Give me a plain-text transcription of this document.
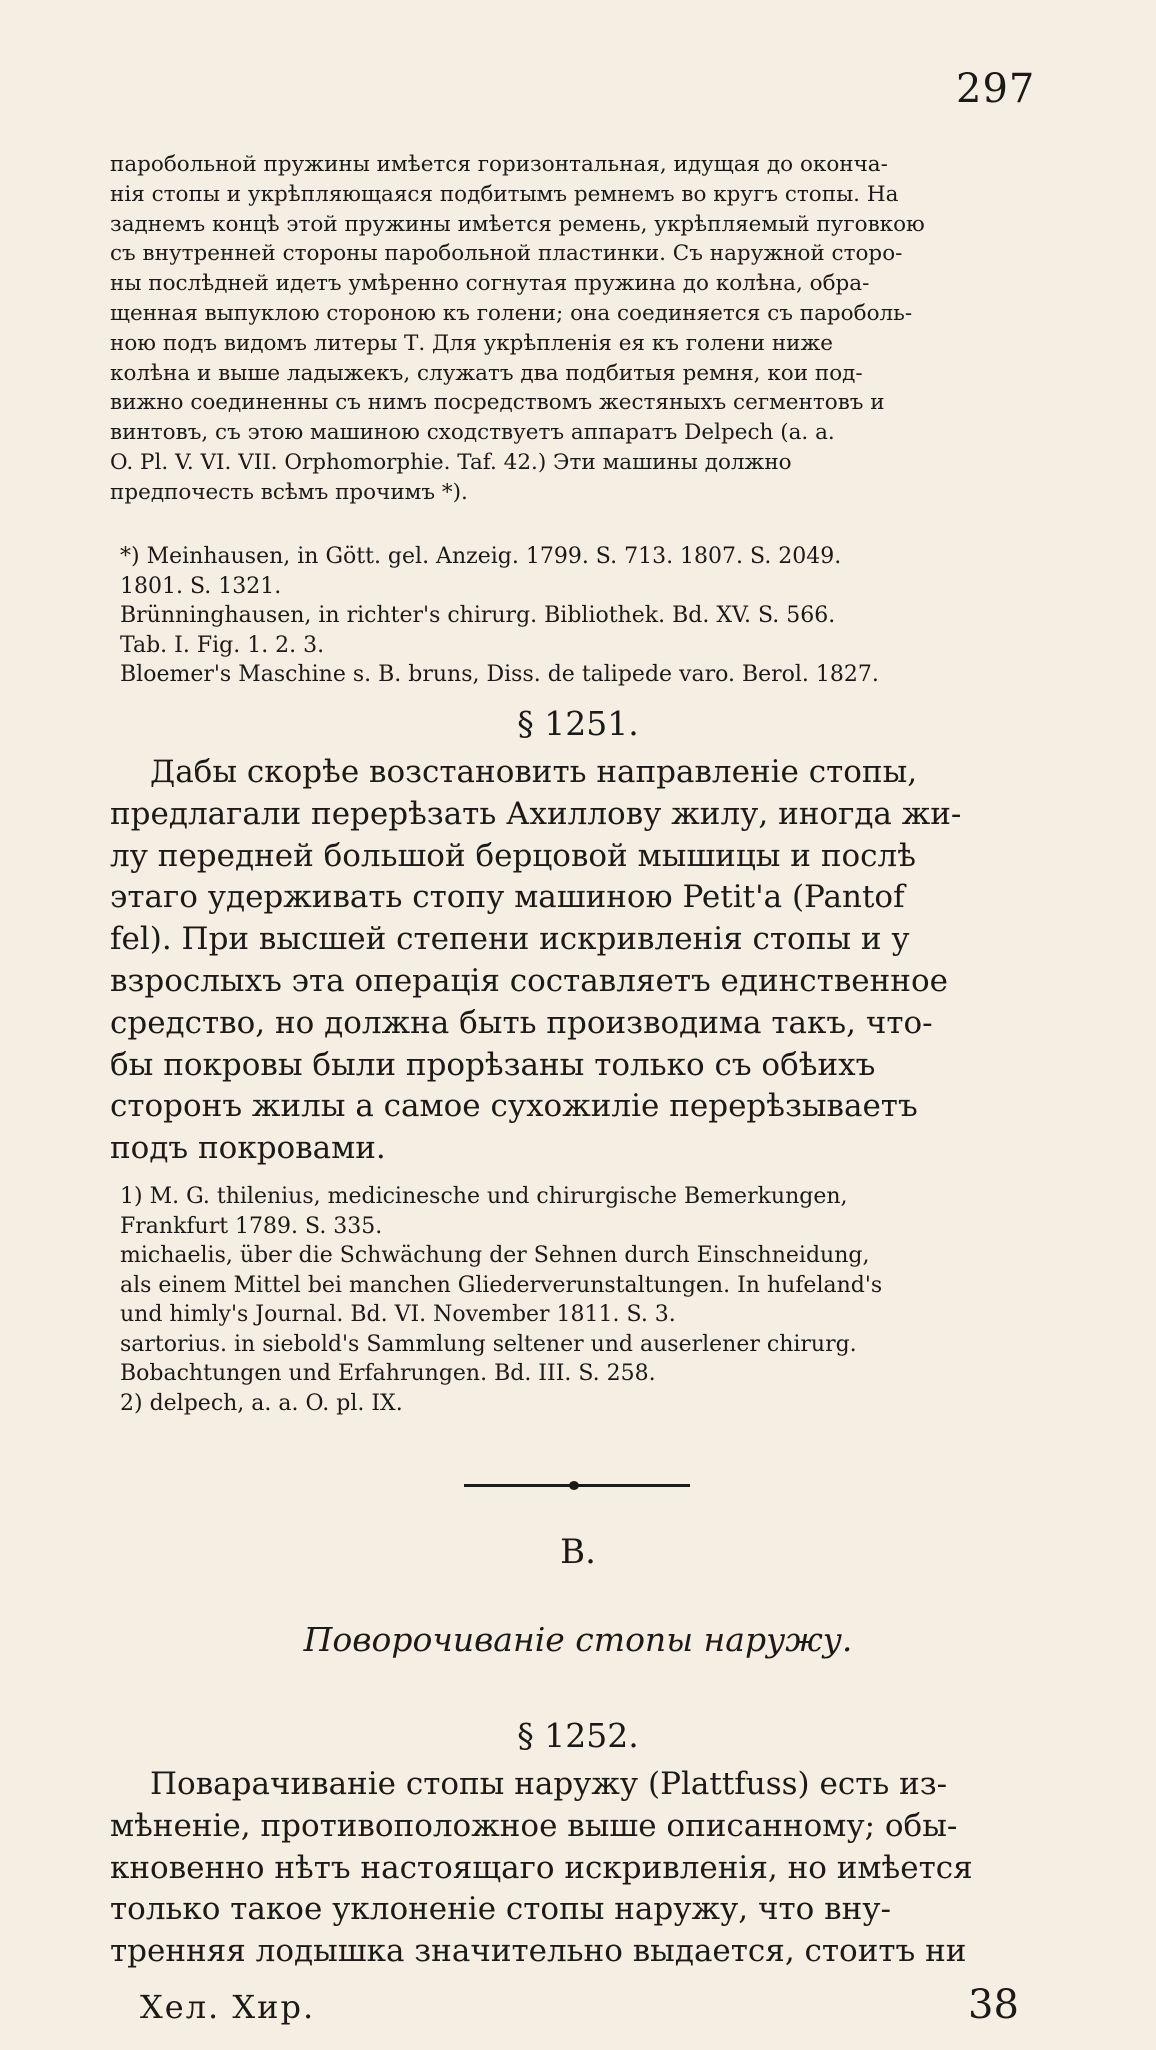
297

паробольной пружины имѣется горизонтальная, идущая до оконча-

нія стопы и укрѣпляющаяся подбитымъ ремнемъ во кругъ стопы. На

заднемъ концѣ этой пружины имѣется ремень, укрѣпляемый пуговкою

съ внутренней стороны паробольной пластинки. Съ наружной сторо-

ны послѣдней идетъ умѣренно согнутая пружина до колѣна, обра-

щенная выпуклою стороною къ голени; она соединяется съ пароболь-

ною подъ видомъ литеры Т. Для укрѣпленія ея къ голени ниже

колѣна и выше ладыжекъ, служатъ два подбитыя ремня, кои под-

вижно соединенны съ нимъ посредствомъ жестяныхъ сегментовъ и

винтовъ, съ этою машиною сходствуетъ аппаратъ Delpech (a. a.

O. Pl. V. VI. VII. Orphomorphie. Taf. 42.) Эти машины должно

предпочесть всѣмъ прочимъ *).

*) Meinhausen, in Gött. gel. Anzeig. 1799. S. 713. 1807. S. 2049.

1801. S. 1321.

Brünninghausen, in richter's chirurg. Bibliothek. Bd. XV. S. 566.

Tab. I. Fig. 1. 2. 3.

Bloemer's Maschine s. B. bruns, Diss. de talipede varo. Berol. 1827.

§ 1251.

Дабы скорѣе возстановить направленіе стопы,

предлагали перерѣзать Ахиллову жилу, иногда жи-

лу передней большой берцовой мышицы и послѣ

этаго удерживать стопу машиною Petit'a (Pantof

fel). При высшей степени искривленія стопы и у

взрослыхъ эта операція составляетъ единственное

средство, но должна быть производима такъ, что-

бы покровы были прорѣзаны только съ обѣихъ

сторонъ жилы а самое сухожиліе перерѣзываетъ

подъ покровами.

1) M. G. thilenius, medicineschе und chirurgische Bemerkungen,

Frankfurt 1789. S. 335.

michaelis, über die Schwächung der Sehnen durch Einschneidung,

als einem Mittel bei manchen Gliederverunstaltungen. In hufeland's

und himly's Journal. Bd. VI. November 1811. S. 3.

sartorius. in siebold's Sammlung seltener und auserlener chirurg.

Bobachtungen und Erfahrungen. Bd. III. S. 258.

2) delpech, a. a. O. pl. IX.

B.
Поворочиваніе стопы наружу.
§ 1252.

Поварачиваніе стопы наружу (Plattfuss) есть из-

мѣненіе, противоположное выше описанному; обы-

кновенно нѣтъ настоящаго искривленія, но имѣется

только такое уклоненіе стопы наружу, что вну-

тренняя лодышка значительно выдается, стоитъ ни

Хел. Хир.	38
